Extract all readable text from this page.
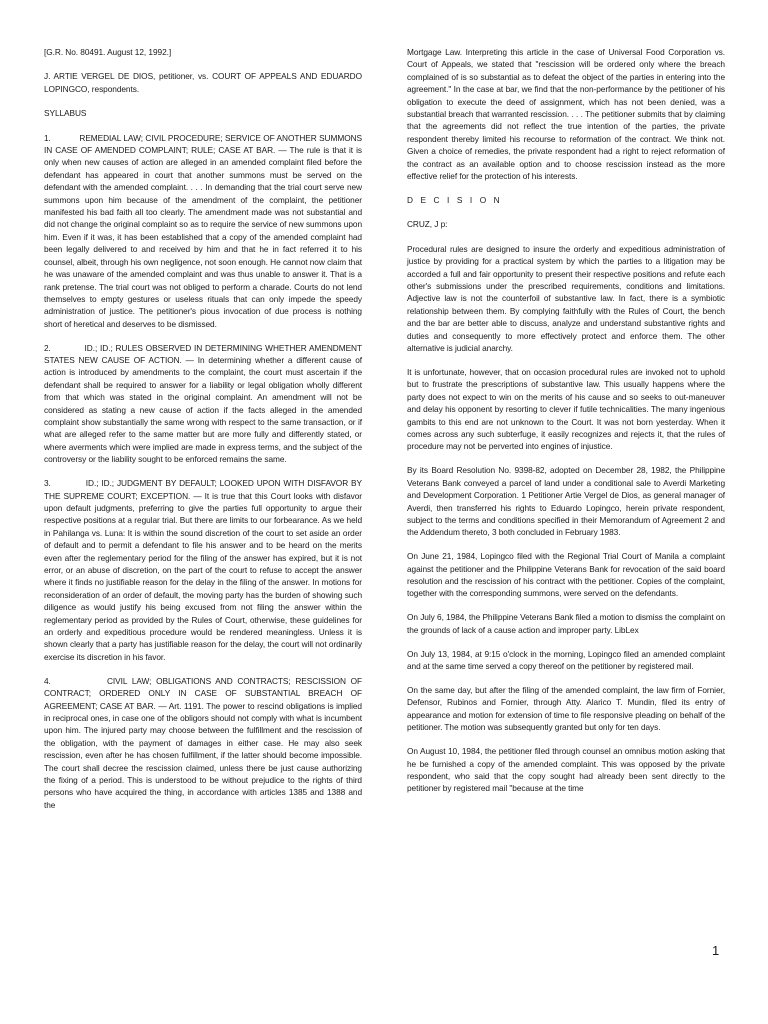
[G.R. No. 80491. August 12, 1992.]

J. ARTIE VERGEL DE DIOS, petitioner, vs. COURT OF APPEALS AND EDUARDO LOPINGCO, respondents.

SYLLABUS

1.            REMEDIAL LAW; CIVIL PROCEDURE; SERVICE OF ANOTHER SUMMONS IN CASE OF AMENDED COMPLAINT; RULE; CASE AT BAR. — The rule is that it is only when new causes of action are alleged in an amended complaint filed before the defendant has appeared in court that another summons must be served on the defendant with the amended complaint. . . . In demanding that the trial court serve new summons upon him because of the amendment of the complaint, the petitioner manifested his bad faith all too clearly. The amendment made was not substantial and did not change the original complaint so as to require the service of new summons upon him. Even if it was, it has been established that a copy of the amended complaint had been legally delivered to and received by him and that he in fact referred it to his counsel, albeit, through his own negligence, not soon enough. He cannot now claim that he was unaware of the amended complaint and was thus unable to answer it. That is a rank pretense. The trial court was not obliged to perform a charade. Courts do not lend themselves to empty gestures or useless rituals that can only impede the speedy administration of justice. The petitioner's pious invocation of due process is nothing short of heretical and deserves to be dismissed.

2.            ID.; ID.; RULES OBSERVED IN DETERMINING WHETHER AMENDMENT STATES NEW CAUSE OF ACTION. — In determining whether a different cause of action is introduced by amendments to the complaint, the court must ascertain if the defendant shall be required to answer for a liability or legal obligation wholly different from that which was stated in the original complaint. An amendment will not be considered as stating a new cause of action if the facts alleged in the amended complaint show substantially the same wrong with respect to the same transaction, or if what are alleged refer to the same matter but are more fully and differently stated, or where averments which were implied are made in express terms, and the subject of the controversy or the liability sought to be enforced remains the same.

3.            ID.; ID.; JUDGMENT BY DEFAULT; LOOKED UPON WITH DISFAVOR BY THE SUPREME COURT; EXCEPTION. — It is true that this Court looks with disfavor upon default judgments, preferring to give the parties full opportunity to argue their respective positions at a regular trial. But there are limits to our forbearance. As we held in Pahilanga vs. Luna: It is within the sound discretion of the court to set aside an order of default and to permit a defendant to file his answer and to be heard on the merits even after the reglementary period for the filing of the answer has expired, but it is not error, or an abuse of discretion, on the part of the court to refuse to accept the answer where it finds no justifiable reason for the delay in the filing of the answer. In motions for reconsideration of an order of default, the moving party has the burden of showing such diligence as would justify his being excused from not filing the answer within the reglementary period as provided by the Rules of Court, otherwise, these guidelines for an orderly and expeditious procedure would be rendered meaningless. Unless it is shown clearly that a party has justifiable reason for the delay, the court will not ordinarily exercise its discretion in his favor.

4.            CIVIL LAW; OBLIGATIONS AND CONTRACTS; RESCISSION OF CONTRACT; ORDERED ONLY IN CASE OF SUBSTANTIAL BREACH OF AGREEMENT; CASE AT BAR. — Art. 1191. The power to rescind obligations is implied in reciprocal ones, in case one of the obligors should not comply with what is incumbent upon him. The injured party may choose between the fulfillment and the rescission of the obligation, with the payment of damages in either case. He may also seek rescission, even after he has chosen fulfillment, if the latter should become impossible. The court shall decree the rescission claimed, unless there be just cause authorizing the fixing of a period. This is understood to be without prejudice to the rights of third persons who have acquired the thing, in accordance with articles 1385 and 1388 and the

Mortgage Law. Interpreting this article in the case of Universal Food Corporation vs. Court of Appeals, we stated that "rescission will be ordered only where the breach complained of is so substantial as to defeat the object of the parties in entering into the agreement." In the case at bar, we find that the non-performance by the petitioner of his obligation to execute the deed of assignment, which has not been denied, was a substantial breach that warranted rescission. . . . The petitioner submits that by claiming that the agreements did not reflect the true intention of the parties, the private respondent thereby limited his recourse to reformation of the contract. We think not. Given a choice of remedies, the private respondent had a right to reject reformation of the contract as an available option and to choose rescission instead as the more effective relief for the protection of his interests.

D E C I S I O N

CRUZ, J p:

Procedural rules are designed to insure the orderly and expeditious administration of justice by providing for a practical system by which the parties to a litigation may be accorded a full and fair opportunity to present their respective positions and refute each other's submissions under the prescribed requirements, conditions and limitations. Adjective law is not the counterfoil of substantive law. In fact, there is a symbiotic relationship between them. By complying faithfully with the Rules of Court, the bench and the bar are better able to discuss, analyze and understand substantive rights and duties and consequently to more effectively protect and enforce them. The other alternative is judicial anarchy.

It is unfortunate, however, that on occasion procedural rules are invoked not to uphold but to frustrate the prescriptions of substantive law. This usually happens where the party does not expect to win on the merits of his cause and so seeks to out-maneuver and delay his opponent by resorting to clever if futile technicalities. The many ingenious gambits to this end are not unknown to the Court. It was not born yesterday. When it comes across any such subterfuge, it easily recognizes and rejects it, that the rules of procedure may not be perverted into engines of injustice.

By its Board Resolution No. 9398-82, adopted on December 28, 1982, the Philippine Veterans Bank conveyed a parcel of land under a conditional sale to Averdi Marketing and Development Corporation. 1 Petitioner Artie Vergel de Dios, as general manager of Averdi, then transferred his rights to Eduardo Lopingco, herein private respondent, subject to the terms and conditions specified in their Memorandum of Agreement 2 and the Addendum thereto, 3 both concluded in February 1983.

On June 21, 1984, Lopingco filed with the Regional Trial Court of Manila a complaint against the petitioner and the Philippine Veterans Bank for revocation of the said board resolution and the rescission of his contract with the petitioner. Copies of the complaint, together with the corresponding summons, were served on the defendants.

On July 6, 1984, the Philippine Veterans Bank filed a motion to dismiss the complaint on the grounds of lack of a cause action and improper party. LibLex

On July 13, 1984, at 9:15 o'clock in the morning, Lopingco filed an amended complaint and at the same time served a copy thereof on the petitioner by registered mail.

On the same day, but after the filing of the amended complaint, the law firm of Fornier, Defensor, Rubinos and Fornier, through Atty. Alarico T. Mundin, filed its entry of appearance and motion for extension of time to file responsive pleading on behalf of the petitioner. The motion was subsequently granted but only for ten days.

On August 10, 1984, the petitioner filed through counsel an omnibus motion asking that he be furnished a copy of the amended complaint. This was opposed by the private respondent, who said that the copy sought had already been sent directly to the petitioner by registered mail "because at the time

1
